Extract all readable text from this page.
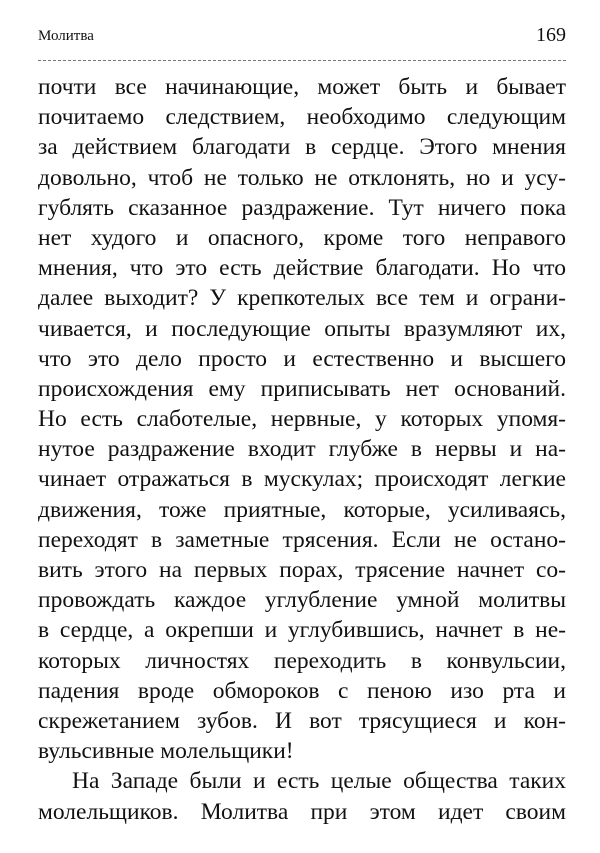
Молитва	169
почти все начинающие, может быть и бывает
почитаемо следствием, необходимо следующим
за действием благодати в сердце. Этого мнения
довольно, чтоб не только не отклонять, но и усу-
гублять сказанное раздражение. Тут ничего пока
нет худого и опасного, кроме того неправого
мнения, что это есть действие благодати. Но что
далее выходит? У крепкотелых все тем и ограни-
чивается, и последующие опыты вразумляют их,
что это дело просто и естественно и высшего
происхождения ему приписывать нет оснований.
Но есть слаботелые, нервные, у которых упомя-
нутое раздражение входит глубже в нервы и на-
чинает отражаться в мускулах; происходят легкие
движения, тоже приятные, которые, усиливаясь,
переходят в заметные трясения. Если не остано-
вить этого на первых порах, трясение начнет со-
провождать каждое углубление умной молитвы
в сердце, а окрепши и углубившись, начнет в не-
которых личностях переходить в конвульсии,
падения вроде обмороков с пеною изо рта и
скрежетанием зубов. И вот трясущиеся и кон-
вульсивные молельщики!
На Западе были и есть целые общества таких
молельщиков. Молитва при этом идет своим
